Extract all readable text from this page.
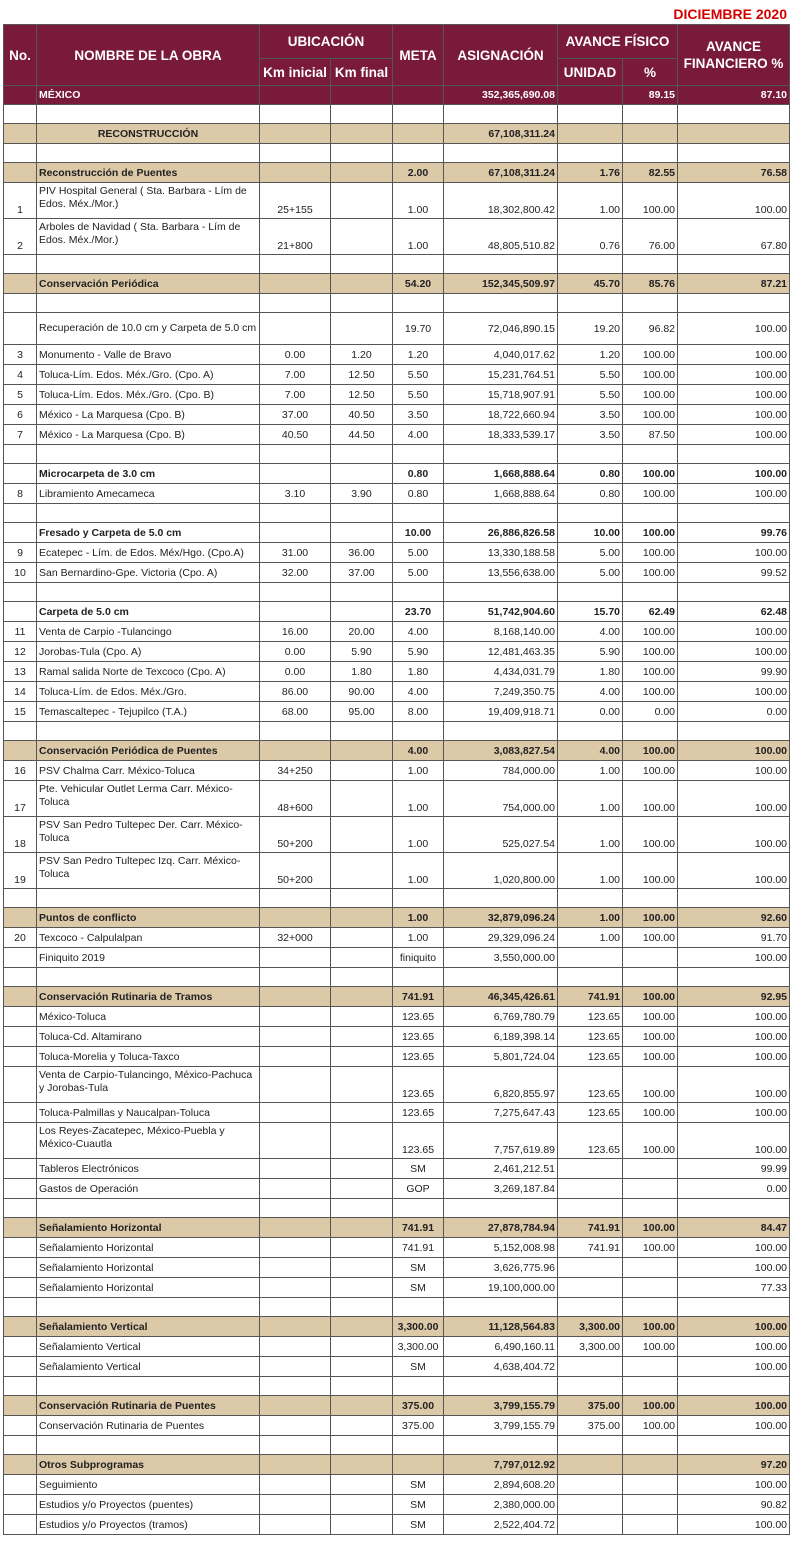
DICIEMBRE 2020
No.	NOMBRE DE LA OBRA	UBICACIÓN		META	ASIGNACIÓN	AVANCE FÍSICO		AVANCE FINANCIERO %
		Km inicial	Km final			UNIDAD	%	
	MÉXICO				352,365,690.08		89.15	87.10

	RECONSTRUCCIÓN				67,108,311.24			

	Reconstrucción de Puentes			2.00	67,108,311.24	1.76	82.55	76.58
1	PIV Hospital General ( Sta. Barbara - Lím de Edos. Méx./Mor.)	25+155		1.00	18,302,800.42	1.00	100.00	100.00
2	Arboles de Navidad ( Sta. Barbara - Lím de Edos. Méx./Mor.)	21+800		1.00	48,805,510.82	0.76	76.00	67.80

	Conservación Periódica			54.20	152,345,509.97	45.70	85.76	87.21

	Recuperación de 10.0 cm y Carpeta de 5.0 cm			19.70	72,046,890.15	19.20	96.82	100.00
3	Monumento - Valle de Bravo	0.00	1.20	1.20	4,040,017.62	1.20	100.00	100.00
4	Toluca-Lím. Edos. Méx./Gro. (Cpo. A)	7.00	12.50	5.50	15,231,764.51	5.50	100.00	100.00
5	Toluca-Lím. Edos. Méx./Gro. (Cpo. B)	7.00	12.50	5.50	15,718,907.91	5.50	100.00	100.00
6	México - La Marquesa (Cpo. B)	37.00	40.50	3.50	18,722,660.94	3.50	100.00	100.00
7	México - La Marquesa (Cpo. B)	40.50	44.50	4.00	18,333,539.17	3.50	87.50	100.00

	Microcarpeta de 3.0 cm			0.80	1,668,888.64	0.80	100.00	100.00
8	Libramiento Amecameca	3.10	3.90	0.80	1,668,888.64	0.80	100.00	100.00

	Fresado y Carpeta de 5.0 cm			10.00	26,886,826.58	10.00	100.00	99.76
9	Ecatepec - Lím. de Edos. Méx/Hgo. (Cpo.A)	31.00	36.00	5.00	13,330,188.58	5.00	100.00	100.00
10	San Bernardino-Gpe. Victoria (Cpo. A)	32.00	37.00	5.00	13,556,638.00	5.00	100.00	99.52

	Carpeta de 5.0 cm			23.70	51,742,904.60	15.70	62.49	62.48
11	Venta de Carpio -Tulancingo	16.00	20.00	4.00	8,168,140.00	4.00	100.00	100.00
12	Jorobas-Tula (Cpo. A)	0.00	5.90	5.90	12,481,463.35	5.90	100.00	100.00
13	Ramal salida Norte de Texcoco (Cpo. A)	0.00	1.80	1.80	4,434,031.79	1.80	100.00	99.90
14	Toluca-Lím. de Edos. Méx./Gro.	86.00	90.00	4.00	7,249,350.75	4.00	100.00	100.00
15	Temascaltepec - Tejupilco (T.A.)	68.00	95.00	8.00	19,409,918.71	0.00	0.00	0.00

	Conservación Periódica de Puentes			4.00	3,083,827.54	4.00	100.00	100.00
16	PSV Chalma Carr. México-Toluca	34+250		1.00	784,000.00	1.00	100.00	100.00
17	Pte. Vehicular Outlet Lerma Carr. México-Toluca	48+600		1.00	754,000.00	1.00	100.00	100.00
18	PSV San Pedro Tultepec Der. Carr. México-Toluca	50+200		1.00	525,027.54	1.00	100.00	100.00
19	PSV San Pedro Tultepec Izq. Carr. México-Toluca	50+200		1.00	1,020,800.00	1.00	100.00	100.00

	Puntos de conflicto			1.00	32,879,096.24	1.00	100.00	92.60
20	Texcoco - Calpulalpan	32+000		1.00	29,329,096.24	1.00	100.00	91.70
	Finiquito 2019			finiquito	3,550,000.00			100.00

	Conservación Rutinaria de Tramos			741.91	46,345,426.61	741.91	100.00	92.95
	México-Toluca			123.65	6,769,780.79	123.65	100.00	100.00
	Toluca-Cd. Altamirano			123.65	6,189,398.14	123.65	100.00	100.00
	Toluca-Morelia y Toluca-Taxco			123.65	5,801,724.04	123.65	100.00	100.00
	Venta de Carpio-Tulancingo, México-Pachuca y Jorobas-Tula			123.65	6,820,855.97	123.65	100.00	100.00
	Toluca-Palmillas y Naucalpan-Toluca			123.65	7,275,647.43	123.65	100.00	100.00
	Los Reyes-Zacatepec, México-Puebla y México-Cuautla			123.65	7,757,619.89	123.65	100.00	100.00
	Tableros Electrónicos			SM	2,461,212.51			99.99
	Gastos de Operación			GOP	3,269,187.84			0.00

	Señalamiento Horizontal			741.91	27,878,784.94	741.91	100.00	84.47
	Señalamiento Horizontal			741.91	5,152,008.98	741.91	100.00	100.00
	Señalamiento Horizontal			SM	3,626,775.96			100.00
	Señalamiento Horizontal			SM	19,100,000.00			77.33

	Señalamiento Vertical			3,300.00	11,128,564.83	3,300.00	100.00	100.00
	Señalamiento Vertical			3,300.00	6,490,160.11	3,300.00	100.00	100.00
	Señalamiento Vertical			SM	4,638,404.72			100.00

	Conservación Rutinaria de Puentes			375.00	3,799,155.79	375.00	100.00	100.00
	Conservación Rutinaria de Puentes			375.00	3,799,155.79	375.00	100.00	100.00

	Otros Subprogramas				7,797,012.92			97.20
	Seguimiento			SM	2,894,608.20			100.00
	Estudios y/o Proyectos (puentes)			SM	2,380,000.00			90.82
	Estudios y/o Proyectos (tramos)			SM	2,522,404.72			100.00
